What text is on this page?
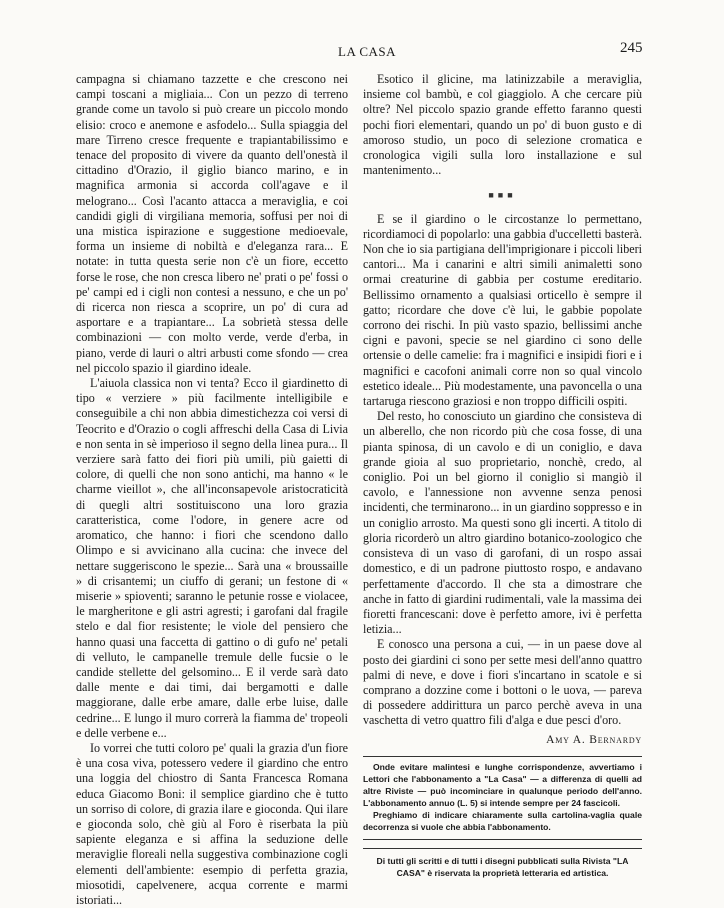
LA CASA	245

campagna si chiamano tazzette e che crescono nei campi toscani a migliaia... Con un pezzo di terreno grande come un tavolo si può creare un piccolo mondo elisio: croco e anemone e asfodelo... Sulla spiaggia del mare Tirreno cresce frequente e trapiantabilissimo e tenace del proposito di vivere da quanto dell'onestà il cittadino d'Orazio, il giglio bianco marino, e in magnifica armonia si accorda coll'agave e il melograno... Così l'acanto attacca a meraviglia, e coi candidi gigli di virgiliana memoria, soffusi per noi di una mistica ispirazione e suggestione medioevale, forma un insieme di nobiltà e d'eleganza rara... E notate: in tutta questa serie non c'è un fiore, eccetto forse le rose, che non cresca libero ne' prati o pe' fossi o pe' campi ed i cigli non contesi a nessuno, e che un po' di ricerca non riesca a scoprire, un po' di cura ad asportare e a trapiantare... La sobrietà stessa delle combinazioni — con molto verde, verde d'erba, in piano, verde di lauri o altri arbusti come sfondo — crea nel piccolo spazio il giardino ideale.

L'aiuola classica non vi tenta? Ecco il giardinetto di tipo « verziere » più facilmente intelligibile e conseguibile a chi non abbia dimestichezza coi versi di Teocrito e d'Orazio o cogli affreschi della Casa di Livia e non senta in sè imperioso il segno della linea pura... Il verziere sarà fatto dei fiori più umili, più gaietti di colore, di quelli che non sono antichi, ma hanno « le charme vieillot », che all'inconsapevole aristocraticità di quegli altri sostituiscono una loro grazia caratteristica, come l'odore, in genere acre od aromatico, che hanno: i fiori che scendono dallo Olimpo e si avvicinano alla cucina: che invece del nettare suggeriscono le spezie... Sarà una « broussaille » di crisantemi; un ciuffo di gerani; un festone di « miserie » spioventi; saranno le petunie rosse e violacee, le margheritone e gli astri agresti; i garofani dal fragile stelo e dal fior resistente; le viole del pensiero che hanno quasi una faccetta di gattino o di gufo ne' petali di velluto, le campanelle tremule delle fucsie o le candide stellette del gelsomino... E il verde sarà dato dalle mente e dai timi, dai bergamotti e dalle maggiorane, dalle erbe amare, dalle erbe luise, dalle cedrine... E lungo il muro correrà la fiamma de' tropeoli e delle verbene e...

Io vorrei che tutti coloro pe' quali la grazia d'un fiore è una cosa viva, potessero vedere il giardino che entro una loggia del chiostro di Santa Francesca Romana educa Giacomo Boni: il semplice giardino che è tutto un sorriso di colore, di grazia ilare e gioconda. Qui ilare e gioconda solo, chè giù al Foro è riserbata la più sapiente eleganza e si affina la seduzione delle meraviglie floreali nella suggestiva combinazione cogli elementi dell'ambiente: esempio di perfetta grazia, miosotidi, capelvenere, acqua corrente e marmi istoriati...

Esotico il glicine, ma latinizzabile a meraviglia, insieme col bambù, e col giaggiolo. A che cercare più oltre? Nel piccolo spazio grande effetto faranno questi pochi fiori elementari, quando un po' di buon gusto e di amoroso studio, un poco di selezione cromatica e cronologica vigili sulla loro installazione e sul mantenimento...

■■■

E se il giardino o le circostanze lo permettano, ricordiamoci di popolarlo: una gabbia d'uccelletti basterà. Non che io sia partigiana dell'imprigionare i piccoli liberi cantori... Ma i canarini e altri simili animaletti sono ormai creaturine di gabbia per costume ereditario. Bellissimo ornamento a qualsiasi orticello è sempre il gatto; ricordare che dove c'è lui, le gabbie popolate corrono dei rischi. In più vasto spazio, bellissimi anche cigni e pavoni, specie se nel giardino ci sono delle ortensie o delle camelie: fra i magnifici e insipidi fiori e i magnifici e cacofoni animali corre non so qual vincolo estetico ideale... Più modestamente, una pavoncella o una tartaruga riescono graziosi e non troppo difficili ospiti.

Del resto, ho conosciuto un giardino che consisteva di un alberello, che non ricordo più che cosa fosse, di una pianta spinosa, di un cavolo e di un coniglio, e dava grande gioia al suo proprietario, nonchè, credo, al coniglio. Poi un bel giorno il coniglio si mangiò il cavolo, e l'annessione non avvenne senza penosi incidenti, che terminarono... in un giardino soppresso e in un coniglio arrosto. Ma questi sono gli incerti. A titolo di gloria ricorderò un altro giardino botanico-zoologico che consisteva di un vaso di garofani, di un rospo assai domestico, e di un padrone piuttosto rospo, e andavano perfettamente d'accordo. Il che sta a dimostrare che anche in fatto di giardini rudimentali, vale la massima dei fioretti francescani: dove è perfetto amore, ivi è perfetta letizia...

E conosco una persona a cui, — in un paese dove al posto dei giardini ci sono per sette mesi dell'anno quattro palmi di neve, e dove i fiori s'incartano in scatole e si comprano a dozzine come i bottoni o le uova, — pareva di possedere addirittura un parco perchè aveva in una vaschetta di vetro quattro fili d'alga e due pesci d'oro.

Amy A. Bernardy

Onde evitare malintesi e lunghe corrispondenze, avvertiamo i Lettori che l'abbonamento a "La Casa" — a differenza di quelli ad altre Riviste — può incominciare in qualunque periodo dell'anno. L'abbonamento annuo (L. 5) si intende sempre per 24 fascicoli.

Preghiamo di indicare chiaramente sulla cartolina-vaglia quale decorrenza si vuole che abbia l'abbonamento.

Di tutti gli scritti e di tutti i disegni pubblicati sulla Rivista "LA CASA" è riservata la proprietà letteraria ed artistica.
